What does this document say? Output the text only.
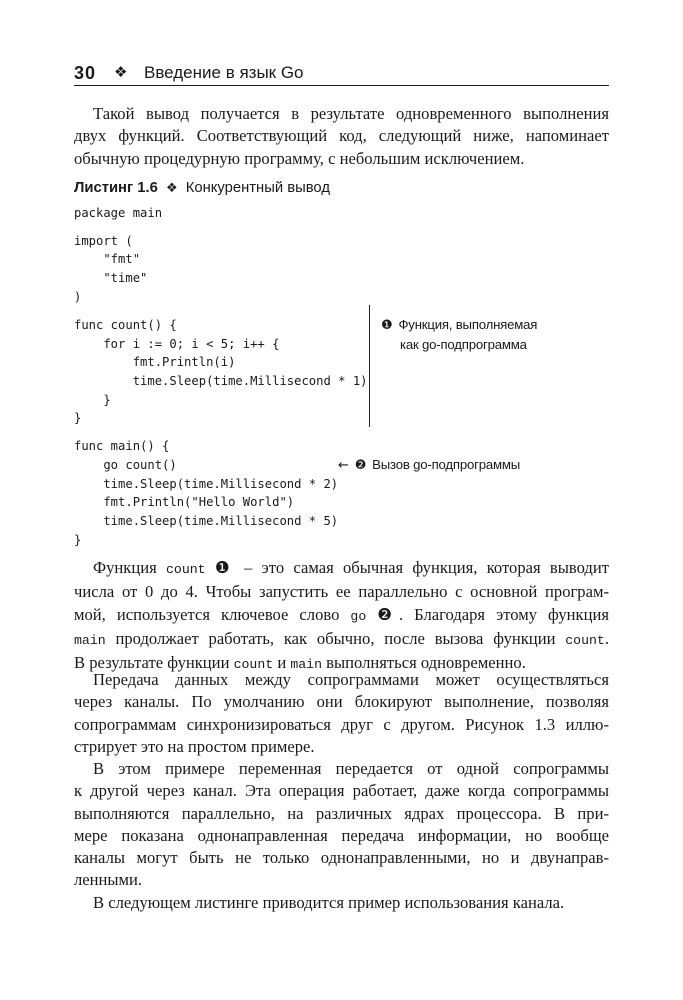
30 ❖ Введение в язык Go
Такой вывод получается в результате одновременного выполнения
двух функций. Соответствующий код, следующий ниже, напоминает
обычную процедурную программу, с небольшим исключением.
Листинг 1.6 ❖ Конкурентный вывод
package main
import (
"fmt"
"time"
)
func count() {
for i := 0; i < 5; i++ {
fmt.Println(i)
time.Sleep(time.Millisecond * 1)
}
}
func main() {
go count()
time.Sleep(time.Millisecond * 2)
fmt.Println("Hello World")
time.Sleep(time.Millisecond * 5)
}
❶ Функция, выполняемая
как go-подпрограмма
← ❷ Вызов go-подпрограммы
Функция count ❶ – это самая обычная функция, которая выводит
числа от 0 до 4. Чтобы запустить ее параллельно с основной програм-
мой, используется ключевое слово go ❷. Благодаря этому функция
main продолжает работать, как обычно, после вызова функции count.
В результате функции count и main выполняться одновременно.
Передача данных между сопрограммами может осуществляться
через каналы. По умолчанию они блокируют выполнение, позволяя
сопрограммам синхронизироваться друг с другом. Рисунок 1.3 иллю-
стрирует это на простом примере.
В этом примере переменная передается от одной сопрограммы
к другой через канал. Эта операция работает, даже когда сопрограммы
выполняются параллельно, на различных ядрах процессора. В при-
мере показана однонаправленная передача информации, но вообще
каналы могут быть не только однонаправленными, но и двунаправ-
ленными.
В следующем листинге приводится пример использования канала.
